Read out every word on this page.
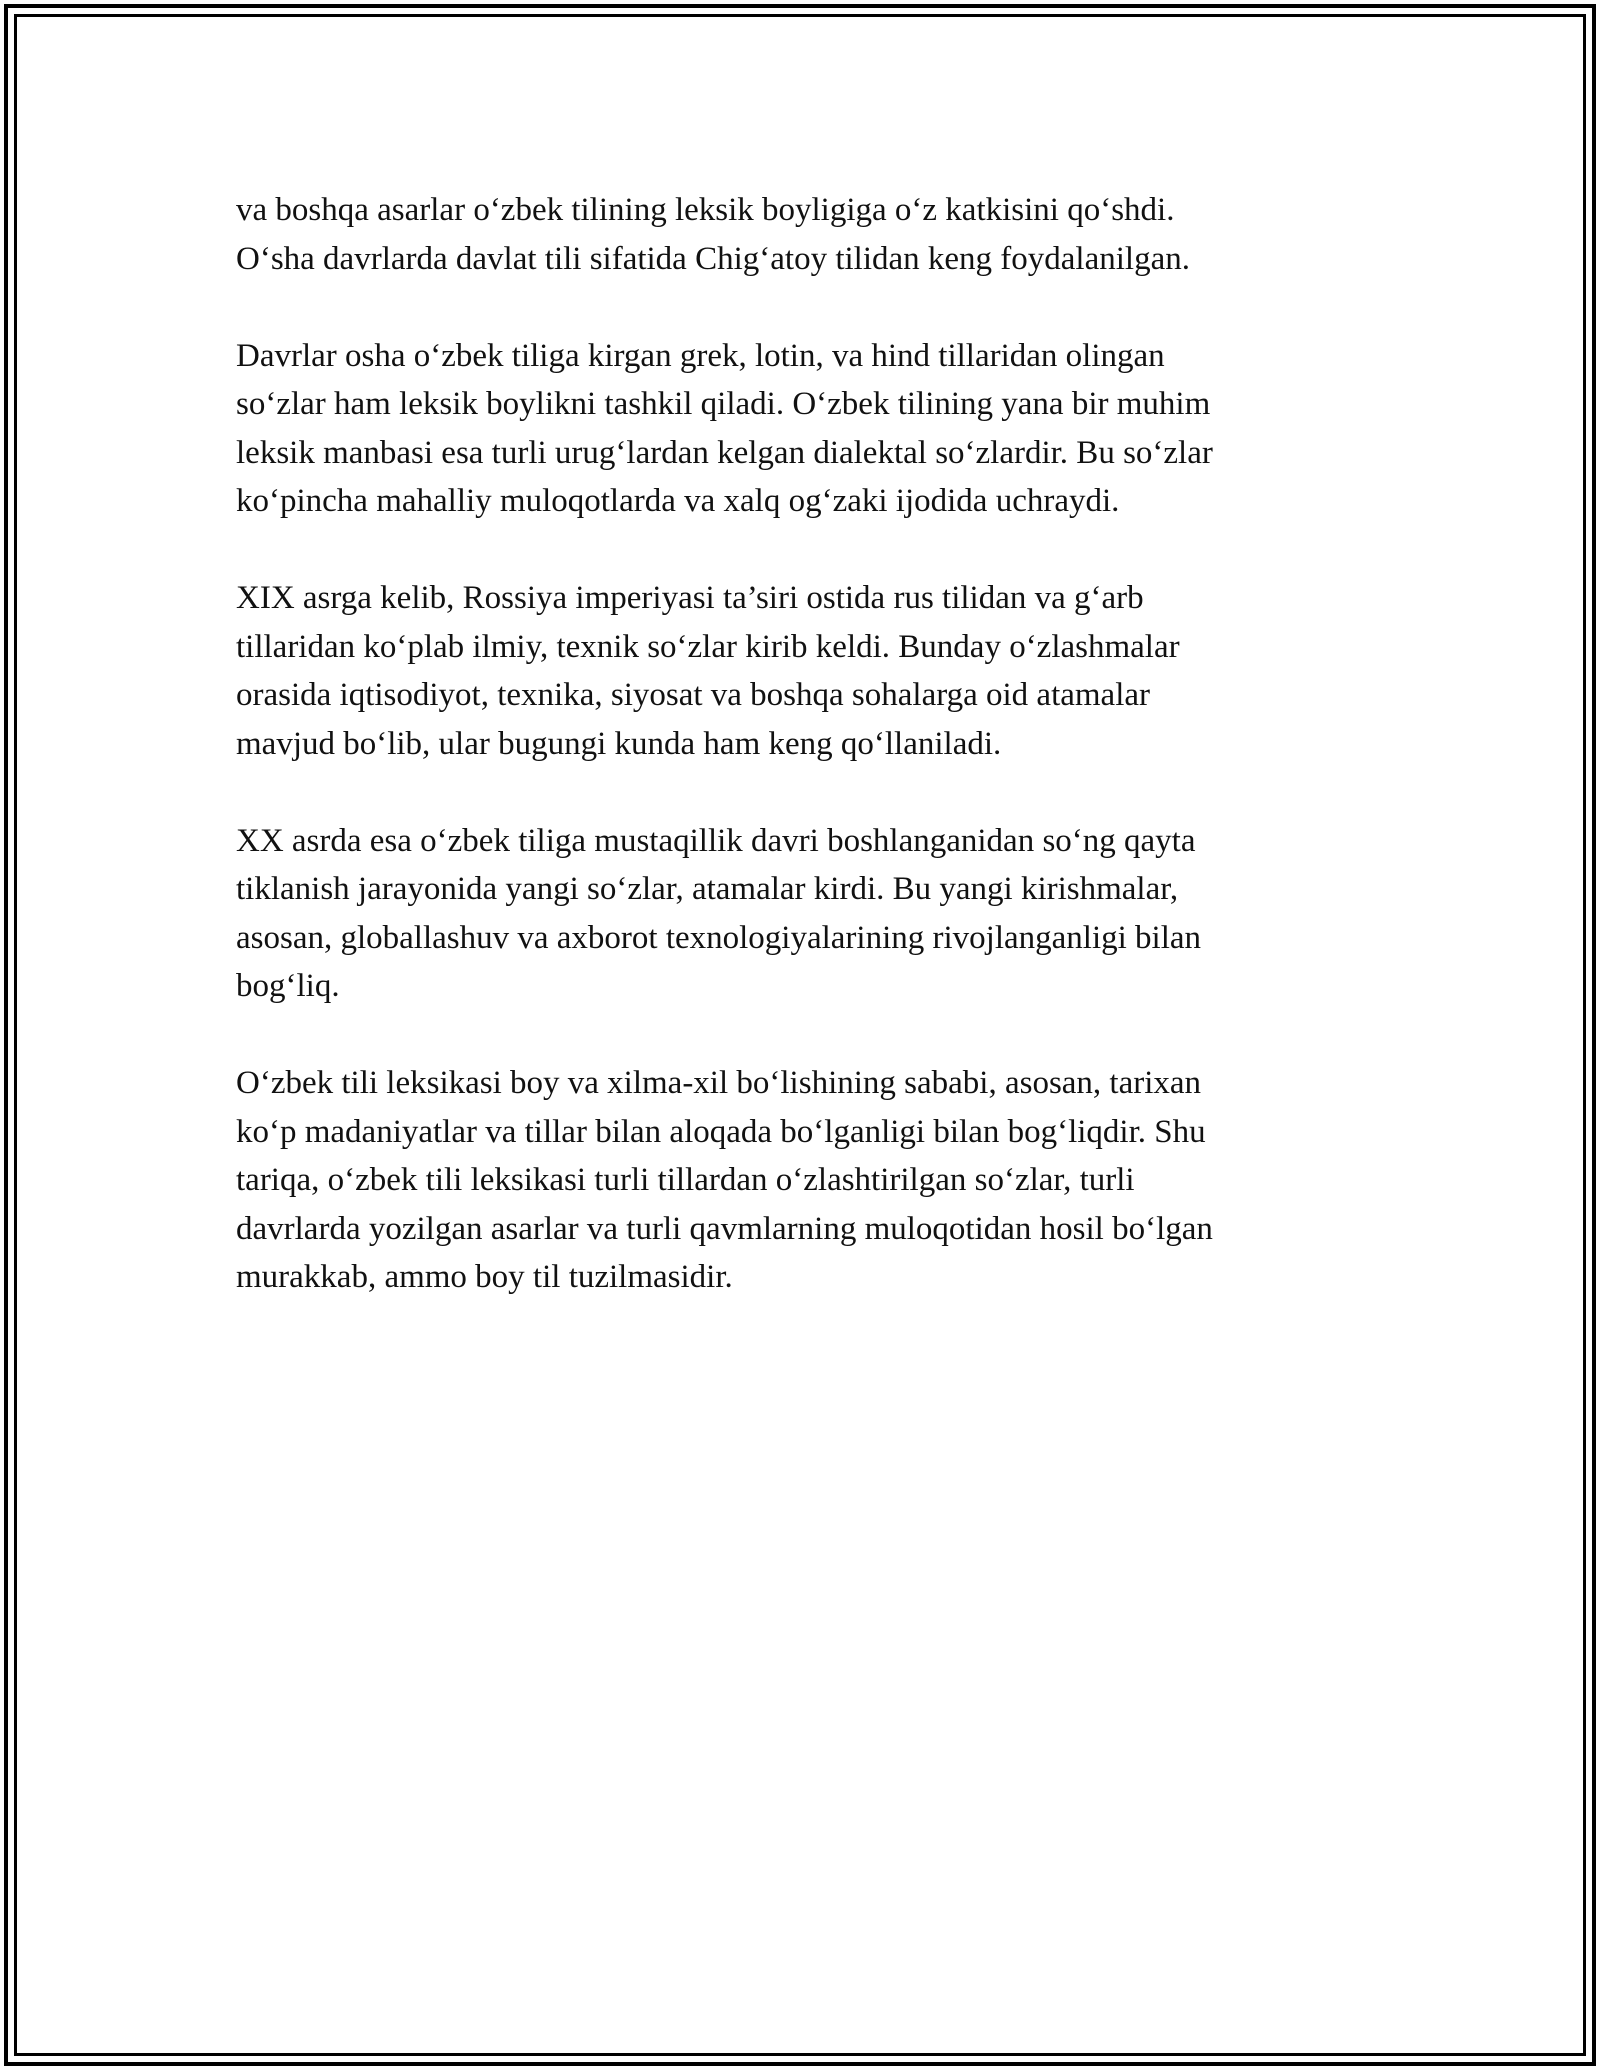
va boshqa asarlar oʻzbek tilining leksik boyligiga oʻz katkisini qoʻshdi.
Oʻsha davrlarda davlat tili sifatida Chigʻatoy tilidan keng foydalanilgan.

Davrlar osha oʻzbek tiliga kirgan grek, lotin, va hind tillaridan olingan
soʻzlar ham leksik boylikni tashkil qiladi. Oʻzbek tilining yana bir muhim
leksik manbasi esa turli urugʻlardan kelgan dialektal soʻzlardir. Bu soʻzlar
koʻpincha mahalliy muloqotlarda va xalq ogʻzaki ijodida uchraydi.

XIX asrga kelib, Rossiya imperiyasi ta’siri ostida rus tilidan va gʻarb
tillaridan koʻplab ilmiy, texnik soʻzlar kirib keldi. Bunday oʻzlashmalar
orasida iqtisodiyot, texnika, siyosat va boshqa sohalarga oid atamalar
mavjud boʻlib, ular bugungi kunda ham keng qoʻllaniladi.

XX asrda esa oʻzbek tiliga mustaqillik davri boshlanganidan soʻng qayta
tiklanish jarayonida yangi soʻzlar, atamalar kirdi. Bu yangi kirishmalar,
asosan, globallashuv va axborot texnologiyalarining rivojlanganligi bilan
bogʻliq.

Oʻzbek tili leksikasi boy va xilma-xil boʻlishining sababi, asosan, tarixan
koʻp madaniyatlar va tillar bilan aloqada boʻlganligi bilan bogʻliqdir. Shu
tariqa, oʻzbek tili leksikasi turli tillardan oʻzlashtirilgan soʻzlar, turli
davrlarda yozilgan asarlar va turli qavmlarning muloqotidan hosil boʻlgan
murakkab, ammo boy til tuzilmasidir.
